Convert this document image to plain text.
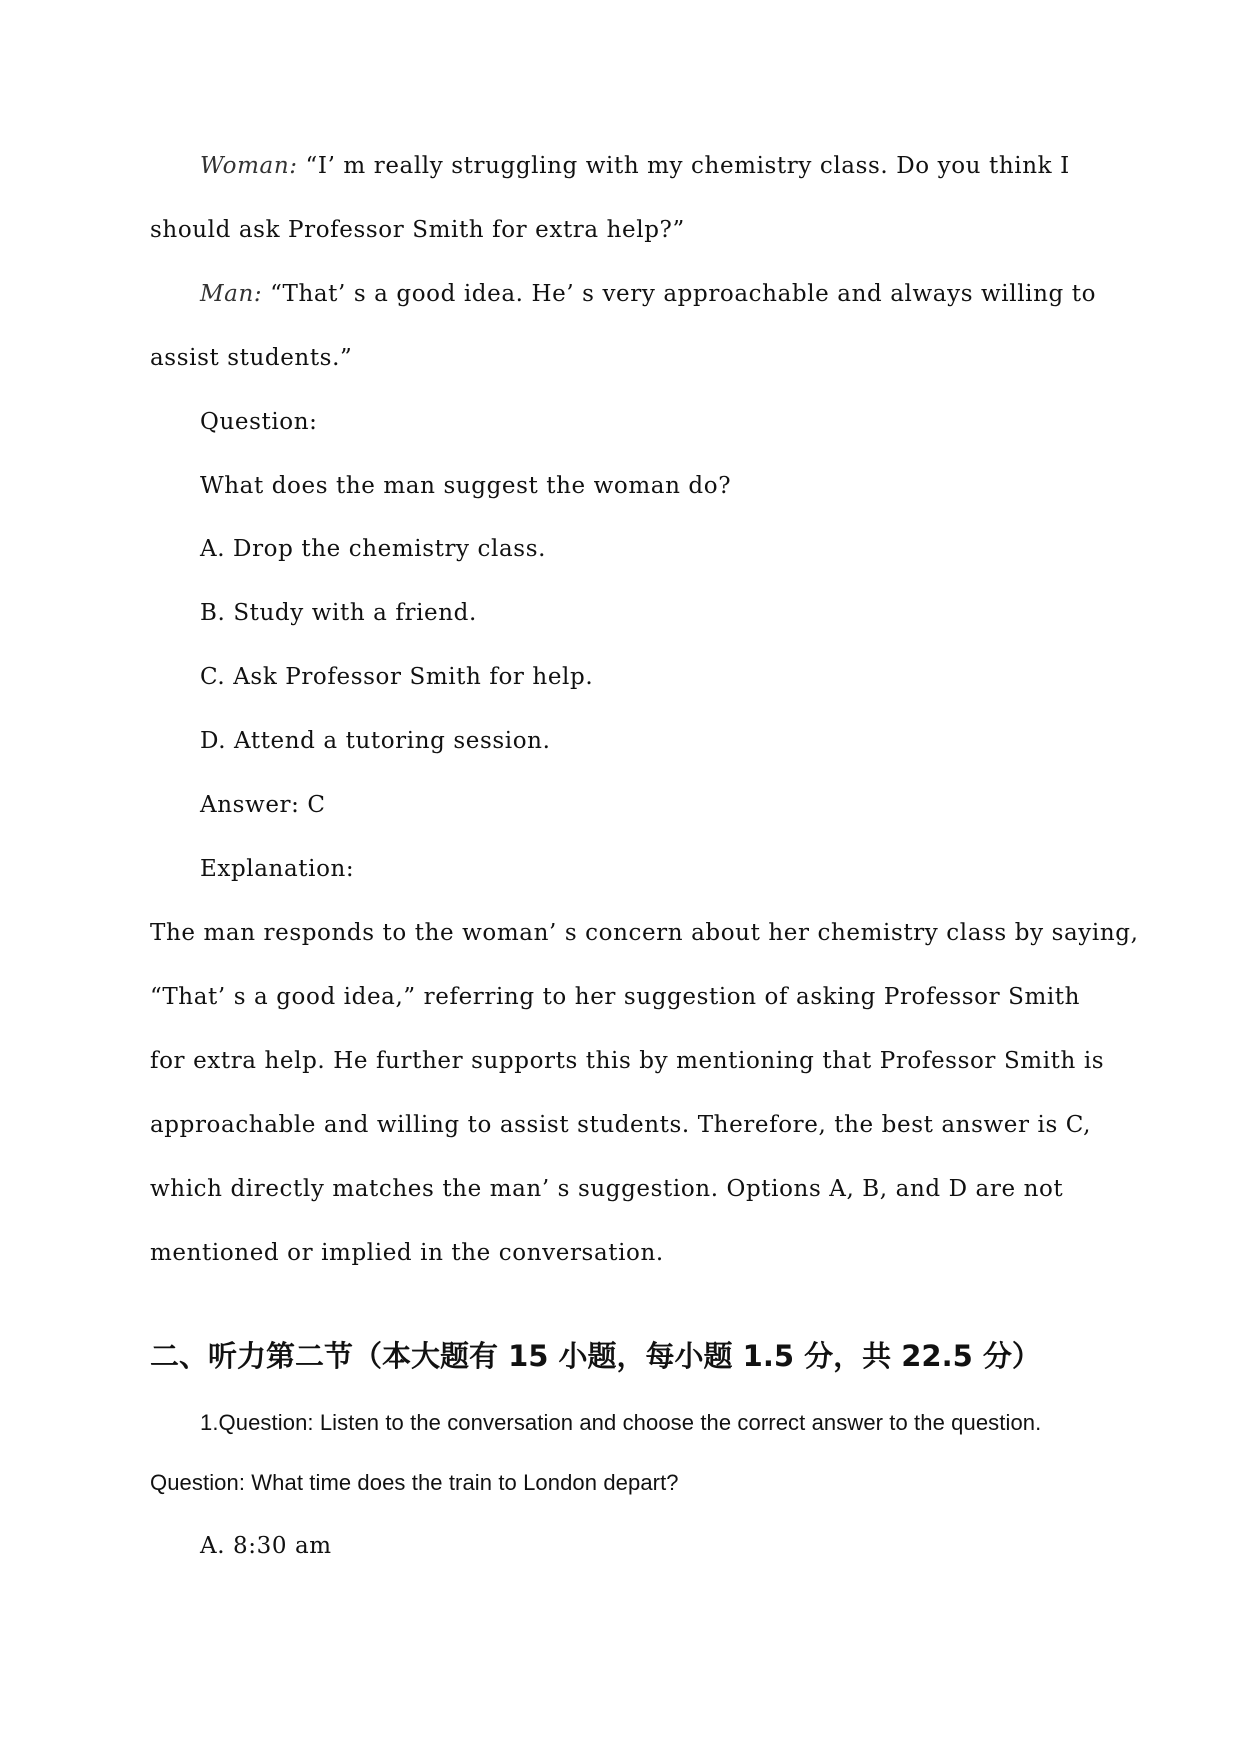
Woman: “I’ m really struggling with my chemistry class. Do you think I
should ask Professor Smith for extra help?”
Man: “That’ s a good idea. He’ s very approachable and always willing to
assist students.”
Question:
What does the man suggest the woman do?
A. Drop the chemistry class.
B. Study with a friend.
C. Ask Professor Smith for help.
D. Attend a tutoring session.
Answer: C
Explanation:
The man responds to the woman’ s concern about her chemistry class by saying,
“That’ s a good idea,” referring to her suggestion of asking Professor Smith
for extra help. He further supports this by mentioning that Professor Smith is
approachable and willing to assist students. Therefore, the best answer is C,
which directly matches the man’ s suggestion. Options A, B, and D are not
mentioned or implied in the conversation.
二、听力第二节（本大题有 15 小题，每小题 1.5 分，共 22.5 分）
1.Question: Listen to the conversation and choose the correct answer to the question.
Question: What time does the train to London depart?
A. 8:30 am
